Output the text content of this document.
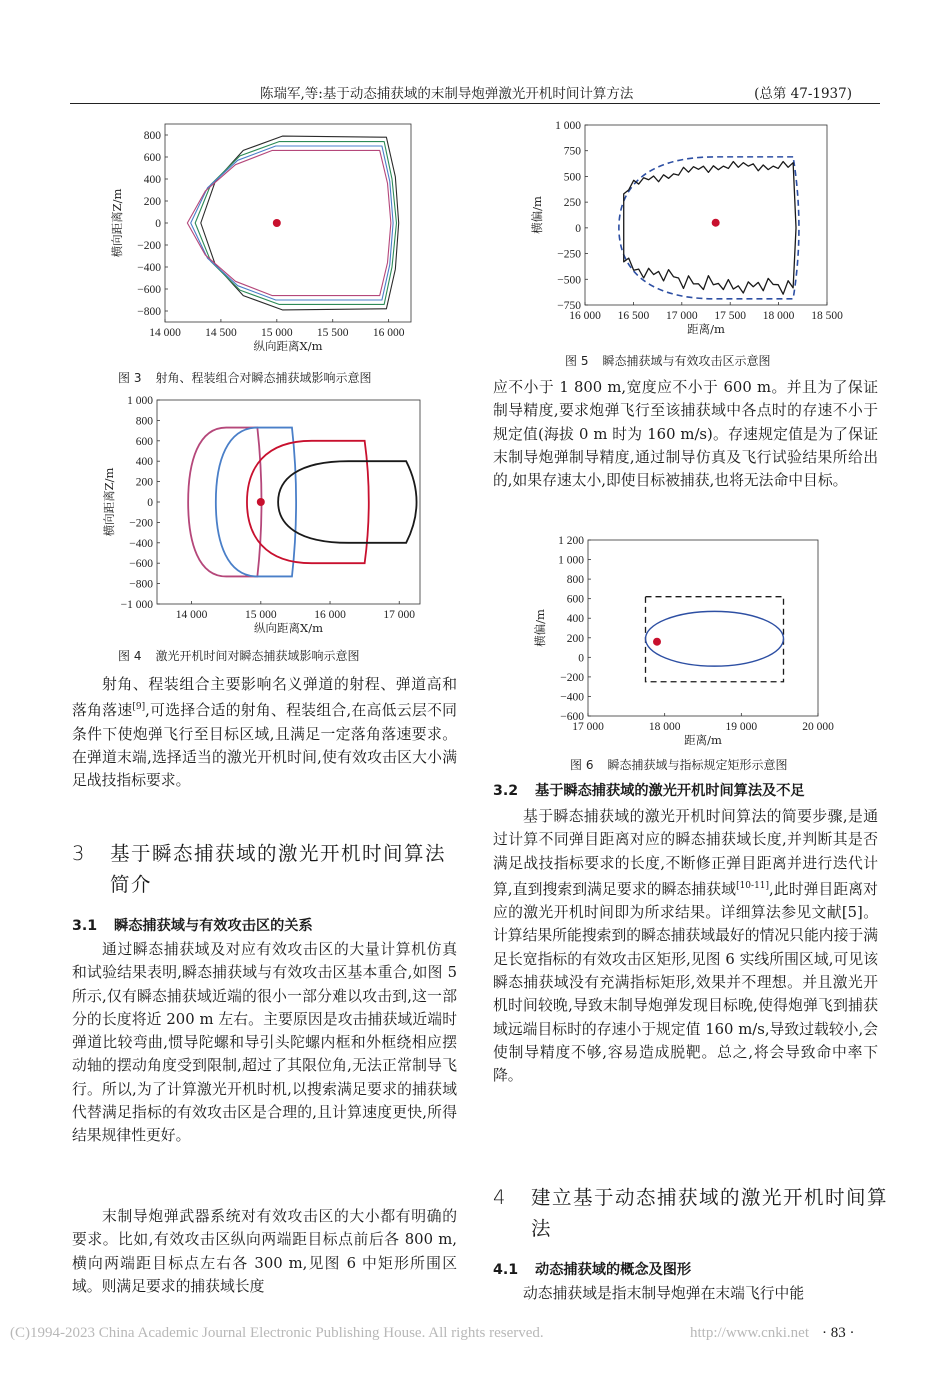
陈瑞军,等:基于动态捕获域的末制导炮弹激光开机时间计算方法	(总第 47-1937)
14 000 14 500 15 000 15 500 16 000
800
600
400
200
0
−200
−400
−600
−800
纵向距离X/m
横向距离Z/m
图 3 射角、程装组合对瞬态捕获域影响示意图
14 000	15 000	16 000	17 000
1 000
800
600
400
200
0
−200
−400
−600
−800
−1 000
纵向距离X/m
横向距离Z/m
图 4 激光开机时间对瞬态捕获域影响示意图
16 000 16 500 17 000 17 500 18 000 18 500
1 000
750
500
250
0
−250
−500
−750
距离/m
横偏/m
图 5 瞬态捕获域与有效攻击区示意图
17 000	18 000	19 000	20 000
1 200
1 000
800
600
400
200
0
−200
−400
−600
距离/m
横偏/m
图 6 瞬态捕获域与指标规定矩形示意图

射角、程装组合主要影响名义弹道的射程、弹道高和落角落速[9],可选择合适的射角、程装组合,在高低云层不同条件下使炮弹飞行至目标区域,且满足一定落角落速要求。在弹道末端,选择适当的激光开机时间,使有效攻击区大小满足战技指标要求。

3 基于瞬态捕获域的激光开机时间算法简介
3.1 瞬态捕获域与有效攻击区的关系

通过瞬态捕获域及对应有效攻击区的大量计算机仿真和试验结果表明,瞬态捕获域与有效攻击区基本重合,如图 5 所示,仅有瞬态捕获域近端的很小一部分难以攻击到,这一部分的长度将近 200 m 左右。主要原因是攻击捕获域近端时弹道比较弯曲,惯导陀螺和导引头陀螺内框和外框绕相应摆动轴的摆动角度受到限制,超过了其限位角,无法正常制导飞行。所以,为了计算激光开机时机,以搜索满足要求的捕获域代替满足指标的有效攻击区是合理的,且计算速度更快,所得结果规律性更好。

末制导炮弹武器系统对有效攻击区的大小都有明确的要求。比如,有效攻击区纵向两端距目标点前后各 800 m,横向两端距目标点左右各 300 m,见图 6 中矩形所围区域。则满足要求的捕获域长度

应不小于 1 800 m,宽度应不小于 600 m。并且为了保证制导精度,要求炮弹飞行至该捕获域中各点时的存速不小于规定值(海拔 0 m 时为 160 m/s)。存速规定值是为了保证末制导炮弹制导精度,通过制导仿真及飞行试验结果所给出的,如果存速太小,即使目标被捕获,也将无法命中目标。

3.2 基于瞬态捕获域的激光开机时间算法及不足

基于瞬态捕获域的激光开机时间算法的简要步骤,是通过计算不同弹目距离对应的瞬态捕获域长度,并判断其是否满足战技指标要求的长度,不断修正弹目距离并进行迭代计算,直到搜索到满足要求的瞬态捕获域[10-11],此时弹目距离对应的激光开机时间即为所求结果。详细算法参见文献[5]。计算结果所能搜索到的瞬态捕获域最好的情况只能内接于满足长宽指标的有效攻击区矩形,见图 6 实线所围区域,可见该瞬态捕获域没有充满指标矩形,效果并不理想。并且激光开机时间较晚,导致末制导炮弹发现目标晚,使得炮弹飞到捕获域远端目标时的存速小于规定值 160 m/s,导致过载较小,会使制导精度不够,容易造成脱靶。总之,将会导致命中率下降。

4 建立基于动态捕获域的激光开机时间算法
4.1 动态捕获域的概念及图形

动态捕获域是指末制导炮弹在末端飞行中能

(C)1994-2023 China Academic Journal Electronic Publishing House. All rights reserved.	http://www.cnki.net · 83 ·
